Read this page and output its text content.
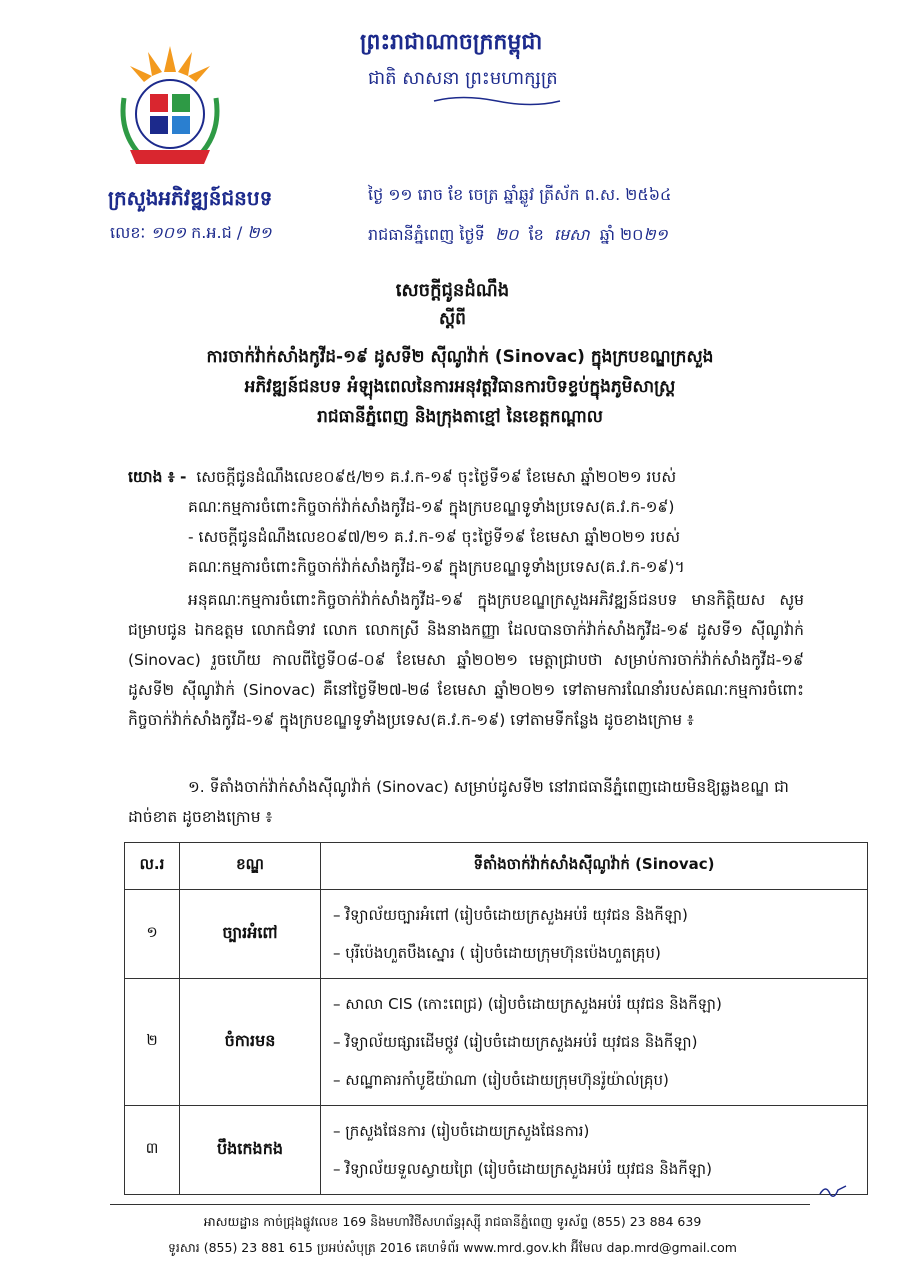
ព្រះរាជាណាចក្រកម្ពុជា
ជាតិ សាសនា ព្រះមហាក្សត្រ
ក្រសួងអភិវឌ្ឍន៍ជនបទ
លេខៈ ១០១ ក.អ.ជ / ២១
ថ្ងៃ ១១ រោច ខែ ចេត្រ ឆ្នាំឆ្លូវ ត្រីស័ក ព.ស. ២៥៦៤
រាជធានីភ្នំពេញ ថ្ងៃទី ២០ ខែ មេសា ឆ្នាំ ២០២១
សេចក្តីជូនដំណឹង
ស្តីពី
ការចាក់វ៉ាក់សាំងកូវីដ-១៩ ដូសទី២ ស៊ីណូវ៉ាក់ (Sinovac) ក្នុងក្របខណ្ឌក្រសួង
អភិវឌ្ឍន៍ជនបទ អំឡុងពេលនៃការអនុវត្តវិធានការបិទខ្ទប់ក្នុងភូមិសាស្ត្រ
រាជធានីភ្នំពេញ និងក្រុងតាខ្មៅ នៃខេត្តកណ្តាល
យោង ៖ - សេចក្តីជូនដំណឹងលេខ០៩៥/២១ គ.វ.ក-១៩ ចុះថ្ងៃទី១៩ ខែមេសា ឆ្នាំ២០២១ របស់
គណៈកម្មការចំពោះកិច្ចចាក់វ៉ាក់សាំងកូវីដ-១៩ ក្នុងក្របខណ្ឌទូទាំងប្រទេស(គ.វ.ក-១៩)
- សេចក្តីជូនដំណឹងលេខ០៩៧/២១ គ.វ.ក-១៩ ចុះថ្ងៃទី១៩ ខែមេសា ឆ្នាំ២០២១ របស់
គណៈកម្មការចំពោះកិច្ចចាក់វ៉ាក់សាំងកូវីដ-១៩ ក្នុងក្របខណ្ឌទូទាំងប្រទេស(គ.វ.ក-១៩)។
អនុគណៈកម្មការចំពោះកិច្ចចាក់វ៉ាក់សាំងកូវីដ-១៩ ក្នុងក្របខណ្ឌក្រសួងអភិវឌ្ឍន៍ជនបទ មានកិត្តិយស សូមជម្រាបជូន ឯកឧត្តម លោកជំទាវ លោក លោកស្រី និងនាងកញ្ញា ដែលបានចាក់វ៉ាក់សាំងកូវីដ-១៩ ដូសទី១ ស៊ីណូវ៉ាក់ (Sinovac) រួចហើយ កាលពីថ្ងៃទី០៨-០៩ ខែមេសា ឆ្នាំ២០២១ មេត្តាជ្រាបថា សម្រាប់ការចាក់វ៉ាក់សាំងកូវីដ-១៩ ដូសទី២ ស៊ីណូវ៉ាក់ (Sinovac) គឺនៅថ្ងៃទី២៧-២៨ ខែមេសា ឆ្នាំ២០២១ ទៅតាមការណែនាំរបស់គណៈកម្មការចំពោះកិច្ចចាក់វ៉ាក់សាំងកូវីដ-១៩ ក្នុងក្របខណ្ឌទូទាំងប្រទេស(គ.វ.ក-១៩) ទៅតាមទីកន្លែង ដូចខាងក្រោម ៖
១. ទីតាំងចាក់វ៉ាក់សាំងស៊ីណូវ៉ាក់ (Sinovac) សម្រាប់ដូសទី២ នៅរាជធានីភ្នំពេញដោយមិនឱ្យឆ្លងខណ្ឌ ជាដាច់ខាត ដូចខាងក្រោម ៖
ល.រ	ខណ្ឌ	ទីតាំងចាក់វ៉ាក់សាំងស៊ីណូវ៉ាក់ (Sinovac)
១	ច្បារអំពៅ	– វិទ្យាល័យច្បារអំពៅ (រៀបចំដោយក្រសួងអប់រំ យុវជន និងកីឡា)
– បុរីប៉េងហួតបឹងស្នោរ ( រៀបចំដោយក្រុមហ៊ុនប៉េងហួតគ្រុប)

២	ចំការមន	– សាលា CIS (កោះពេជ្រ) (រៀបចំដោយក្រសួងអប់រំ យុវជន និងកីឡា)
– វិទ្យាល័យផ្សារដើមថ្កូវ (រៀបចំដោយក្រសួងអប់រំ យុវជន និងកីឡា)
– សណ្ឋាគារកាំបូឌីយ៉ាណា (រៀបចំដោយក្រុមហ៊ុនរ៉ូយ៉ាល់គ្រុប)

៣	បឹងកេងកង	– ក្រសួងផែនការ (រៀបចំដោយក្រសួងផែនការ)
– វិទ្យាល័យទួលស្វាយព្រៃ (រៀបចំដោយក្រសួងអប់រំ យុវជន និងកីឡា)
អាសយដ្ឋាន កាច់ជ្រុងផ្លូវលេខ 169 និងមហាវិថីសហព័ន្ធរុស្ស៊ី រាជធានីភ្នំពេញ ទូរស័ព្ទ (855) 23 884 639
ទូរសារ (855) 23 881 615 ប្រអប់សំបុត្រ 2016 គេហទំព័រ www.mrd.gov.kh អ៊ីមែល dap.mrd@gmail.com
